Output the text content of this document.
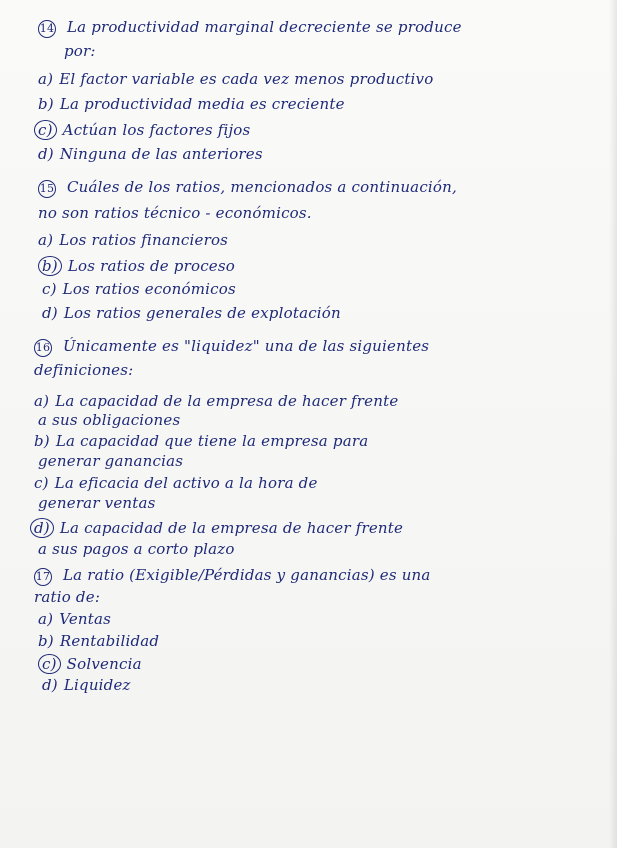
14 La productividad marginal decreciente se produce
por:
a) El factor variable es cada vez menos productivo
b) La productividad media es creciente
c) Actúan los factores fijos
d) Ninguna de las anteriores
15 Cuáles de los ratios, mencionados a continuación,
no son ratios técnico - económicos.
a) Los ratios financieros
b) Los ratios de proceso
c) Los ratios económicos
d) Los ratios generales de explotación
16 Únicamente es "liquidez" una de las siguientes
definiciones:
a) La capacidad de la empresa de hacer frente
a sus obligaciones
b) La capacidad que tiene la empresa para
generar ganancias
c) La eficacia del activo a la hora de
generar ventas
d) La capacidad de la empresa de hacer frente
a sus pagos a corto plazo
17 La ratio (Exigible/Pérdidas y ganancias) es una
ratio de:
a) Ventas
b) Rentabilidad
c) Solvencia
d) Liquidez
